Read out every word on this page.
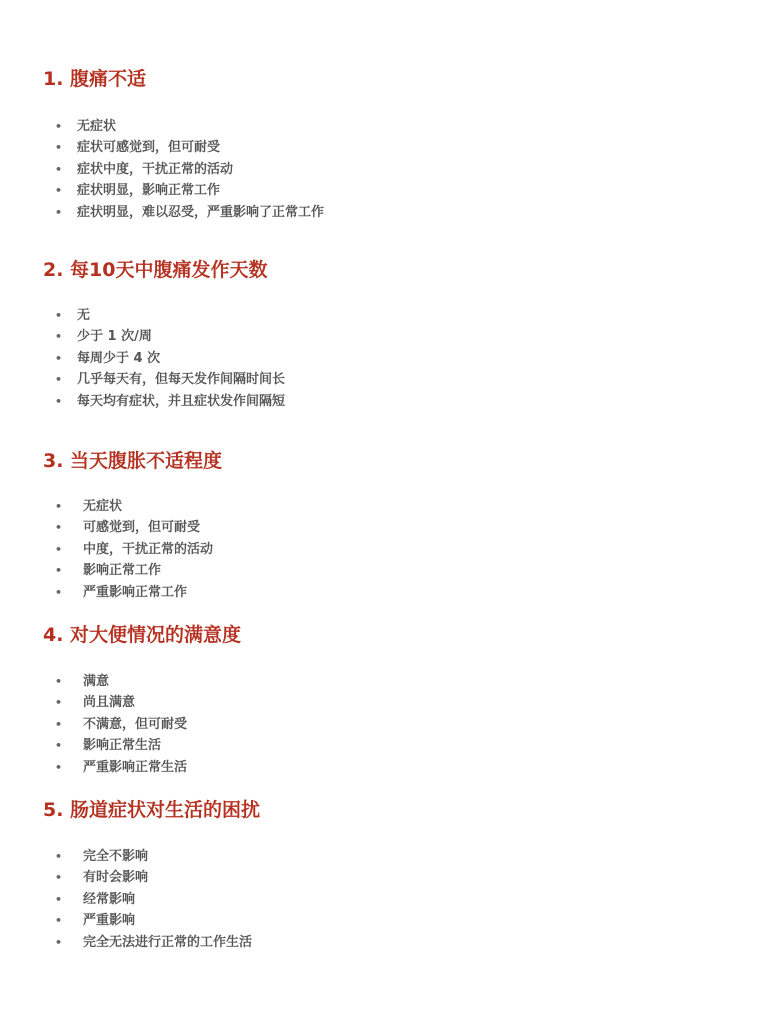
1. 腹痛不适
• 无症状
• 症状可感觉到，但可耐受
• 症状中度，干扰正常的活动
• 症状明显，影响正常工作
• 症状明显，难以忍受，严重影响了正常工作
2. 每10天中腹痛发作天数
• 无
• 少于 1 次/周
• 每周少于 4 次
• 几乎每天有，但每天发作间隔时间长
• 每天均有症状，并且症状发作间隔短
3. 当天腹胀不适程度
• 无症状
• 可感觉到，但可耐受
• 中度，干扰正常的活动
• 影响正常工作
• 严重影响正常工作
4. 对大便情况的满意度
• 满意
• 尚且满意
• 不满意，但可耐受
• 影响正常生活
• 严重影响正常生活
5. 肠道症状对生活的困扰
• 完全不影响
• 有时会影响
• 经常影响
• 严重影响
• 完全无法进行正常的工作生活
